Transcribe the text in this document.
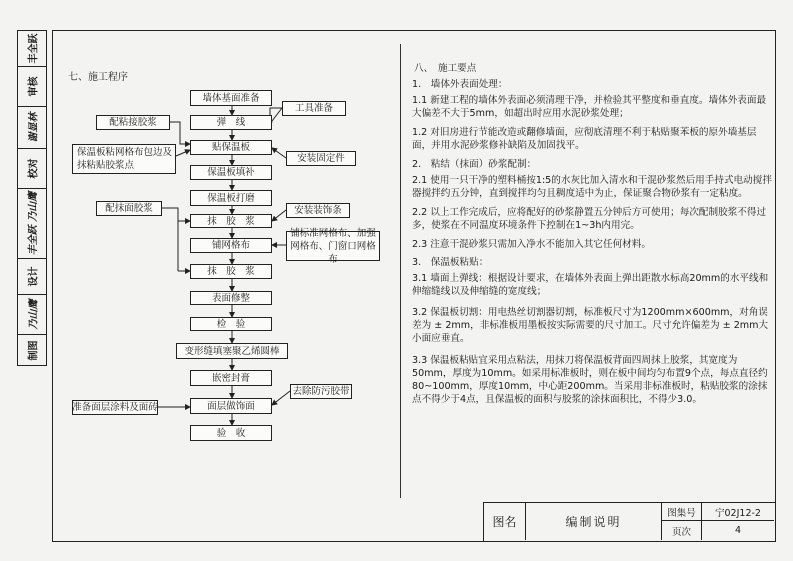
丰全跃
审核
谢显林
校对
丰全跃 乃山鹰
设计
乃山鹰
制图
七、施工程序
墙体基面准备
弹　线
贴保温板
保温板填补
保温板打磨
抹　胶　浆
铺网格布
抹　胶　浆
表面修整
检　验
变形缝填塞聚乙烯圆棒
嵌密封膏
面层做饰面
验　收
工具准备
安装固定件
安装装饰条
铺标准网格布、加强网格布、门窗口网格布
去除防污胶带
配粘接胶浆
保温板粘网格布包边及抹粘贴胶浆点
配抹面胶浆
准备面层涂料及面砖
八、　施工要点
1.　墙体外表面处理：
1.1 新建工程的墙体外表面必须清理干净，并检验其平整度和垂直度。墙体外表面最大偏差不大于5mm，如超出时应用水泥砂浆处理；
1.2 对旧房进行节能改造或翻修墙面，应彻底清理不利于粘贴聚苯板的原外墙基层面，并用水泥砂浆修补缺陷及加固找平。
2.　粘结（抹面）砂浆配制：
2.1 使用一只干净的塑料桶按1:5的水灰比加入清水和干混砂浆然后用手持式电动搅拌器搅拌约五分钟，直到搅拌均匀且稠度适中为止，保证聚合物砂浆有一定粘度。
2.2 以上工作完成后，应将配好的砂浆静置五分钟后方可使用；每次配制胶浆不得过多，使浆在不同温度环境条件下控制在1~3h内用完。
2.3 注意干混砂浆只需加入净水不能加入其它任何材料。
3.　保温板粘贴：
3.1 墙面上弹线：根据设计要求，在墙体外表面上弹出距散水标高20mm的水平线和伸缩缝线以及伸缩缝的宽度线；
3.2 保温板切割：用电热丝切割器切割，标准板尺寸为1200mm×600mm，对角误差为 ± 2mm，非标准板用墨板按实际需要的尺寸加工。尺寸允许偏差为 ± 2mm大小面应垂直。
3.3 保温板粘贴宜采用点粘法，用抹刀将保温板背面四周抹上胶浆，其宽度为50mm，厚度为10mm。如采用标准板时，则在板中间均匀布置9个点，每点直径约80~100mm，厚度10mm，中心距200mm。当采用非标准板时，粘贴胶浆的涂抹点不得少于4点，且保温板的面积与胶浆的涂抹面积比，不得少3.0。
图名	编制说明
图集号	宁02J12-2
页次	4
